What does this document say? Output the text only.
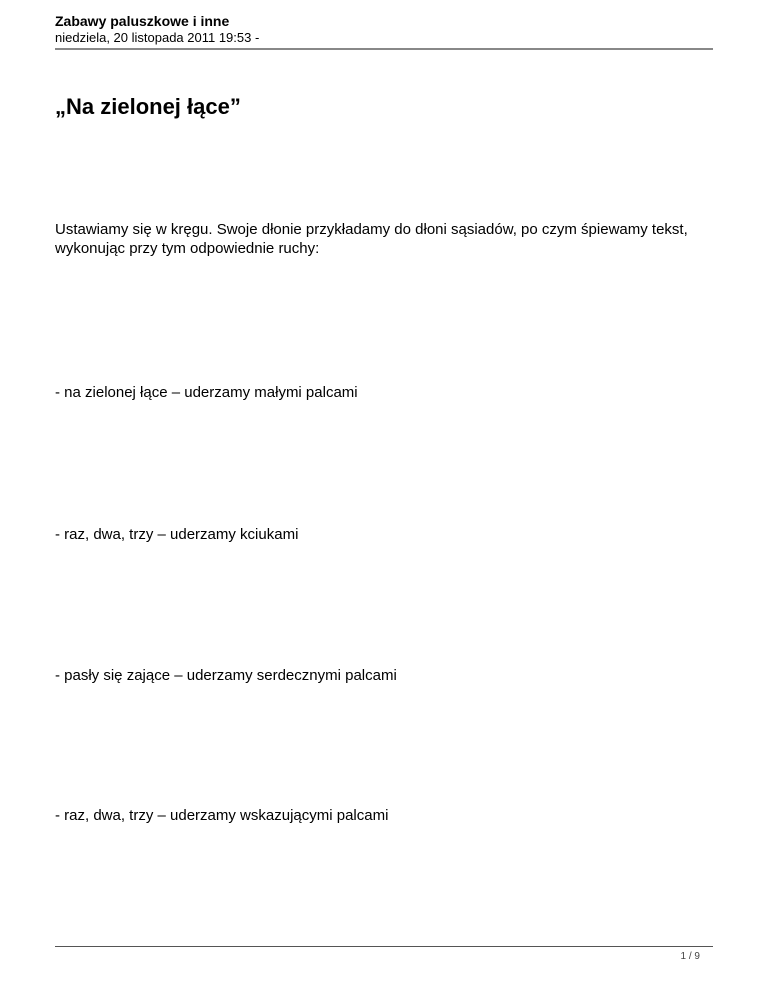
Zabawy paluszkowe i inne
niedziela, 20 listopada 2011 19:53 -
„Na zielonej łące”

Ustawiamy się w kręgu. Swoje dłonie przykładamy do dłoni sąsiadów, po czym śpiewamy tekst, wykonując przy tym odpowiednie ruchy:

- na zielonej łące – uderzamy małymi palcami

- raz, dwa, trzy – uderzamy kciukami

- pasły się zające – uderzamy serdecznymi palcami

- raz, dwa, trzy – uderzamy wskazującymi palcami

1 / 9
